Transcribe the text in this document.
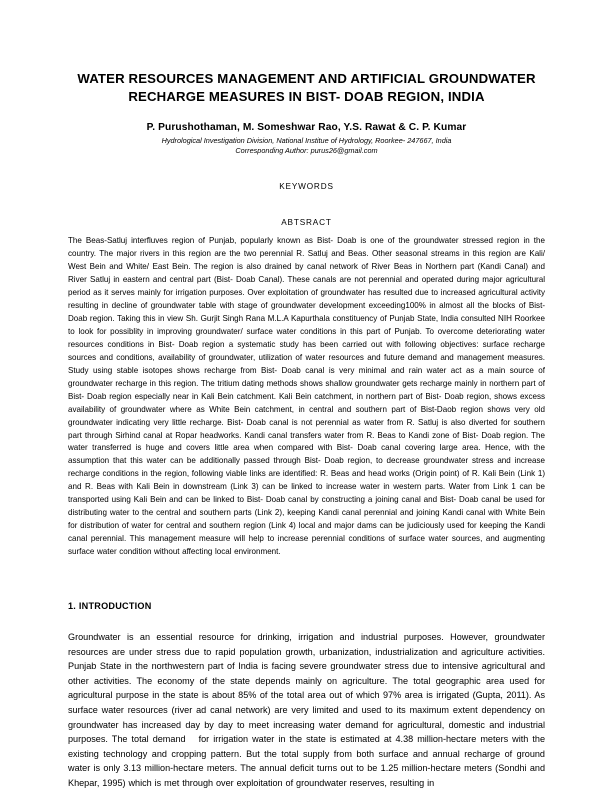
WATER RESOURCES MANAGEMENT AND ARTIFICIAL GROUNDWATER RECHARGE MEASURES IN BIST- DOAB REGION, INDIA
P. Purushothaman, M. Someshwar Rao, Y.S. Rawat & C. P. Kumar
Hydrological Investigation Division, National Institue of Hydrology, Roorkee- 247667, India
Corresponding Author: purus26@gmail.com
KEYWORDS
ABTSRACT

The Beas-Satluj interfluves region of Punjab, popularly known as Bist- Doab is one of the groundwater stressed region in the country. The major rivers in this region are the two perennial R. Satluj and Beas. Other seasonal streams in this region are Kali/ West Bein and White/ East Bein. The region is also drained by canal network of River Beas in Northern part (Kandi Canal) and River Satluj in eastern and central part (Bist- Doab Canal). These canals are not perennial and operated during major agricultural period as it serves mainly for irrigation purposes. Over exploitation of groundwater has resulted due to increased agricultural activity resulting in decline of groundwater table with stage of groundwater development exceeding100% in almost all the blocks of Bist- Doab region. Taking this in view Sh. Gurjit Singh Rana M.L.A Kapurthala constituency of Punjab State, India consulted NIH Roorkee to look for possiblity in improving groundwater/ surface water conditions in this part of Punjab. To overcome deteriorating water resources conditions in Bist- Doab region a systematic study has been carried out with following objectives: surface recharge sources and conditions, availability of groundwater, utilization of water resources and future demand and management measures. Study using stable isotopes shows recharge from Bist- Doab canal is very minimal and rain water act as a main source of groundwater recharge in this region. The tritium dating methods shows shallow groundwater gets recharge mainly in northern part of Bist- Doab region especially near in Kali Bein catchment. Kali Bein catchment, in northern part of Bist- Doab region, shows excess availability of groundwater where as White Bein catchment, in central and southern part of Bist-Daob region shows very old groundwater indicating very little recharge. Bist- Doab canal is not perennial as water from R. Satluj is also diverted for southern part through Sirhind canal at Ropar headworks. Kandi canal transfers water from R. Beas to Kandi zone of Bist- Doab region. The water transferred is huge and covers little area when compared with Bist- Doab canal covering large area. Hence, with the assumption that this water can be additionally passed through Bist- Doab region, to decrease groundwater stress and increase recharge conditions in the region, following viable links are identified: R. Beas and head works (Origin point) of R. Kali Bein (Link 1) and R. Beas with Kali Bein in downstream (Link 3) can be linked to increase water in western parts. Water from Link 1 can be transported using Kali Bein and can be linked to Bist- Doab canal by constructing a joining canal and Bist- Doab canal be used for distributing water to the central and southern parts (Link 2), keeping Kandi canal perennial and joining Kandi canal with White Bein for distribution of water for central and southern region (Link 4) local and major dams can be judiciously used for keeping the Kandi canal perennial. This management measure will help to increase perennial conditions of surface water sources, and augmenting surface water condition without affecting local environment.

1. INTRODUCTION

Groundwater is an essential resource for drinking, irrigation and industrial purposes. However, groundwater resources are under stress due to rapid population growth, urbanization, industrialization and agriculture activities. Punjab State in the northwestern part of India is facing severe groundwater stress due to intensive agricultural and other activities. The economy of the state depends mainly on agriculture. The total geographic area used for agricultural purpose in the state is about 85% of the total area out of which 97% area is irrigated (Gupta, 2011). As surface water resources (river ad canal network) are very limited and used to its maximum extent dependency on groundwater has increased day by day to meet increasing water demand for agricultural, domestic and industrial purposes. The total demand for irrigation water in the state is estimated at 4.38 million-hectare meters with the existing technology and cropping pattern. But the total supply from both surface and annual recharge of ground water is only 3.13 million-hectare meters. The annual deficit turns out to be 1.25 million-hectare meters (Sondhi and Khepar, 1995) which is met through over exploitation of groundwater reserves, resulting in
